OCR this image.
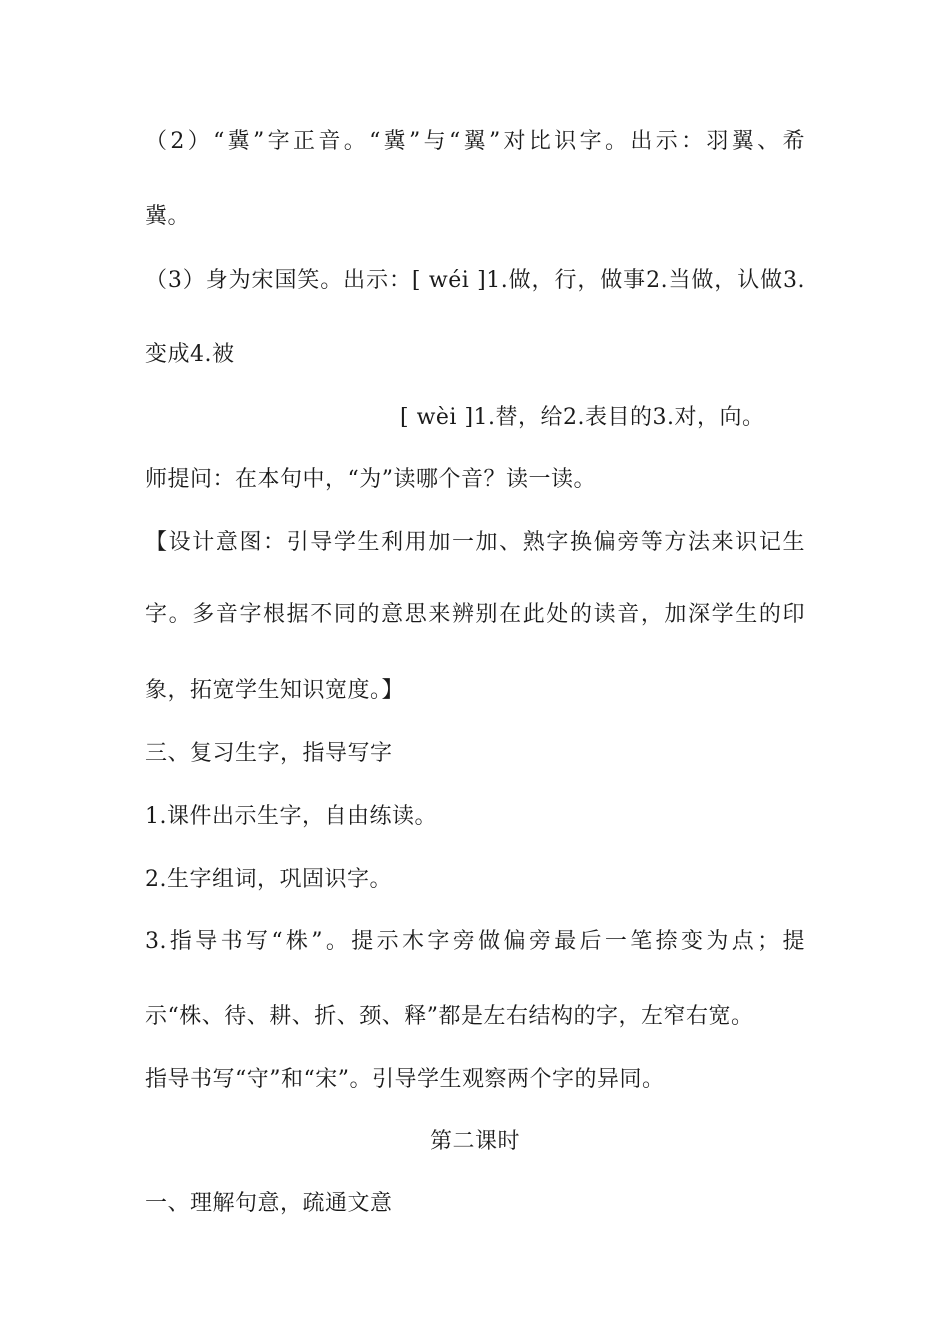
（2）“冀”字正音。“冀”与“翼”对比识字。出示：羽翼、希
冀。
（3）身为宋国笑。出示：[ wéi ]1.做，行，做事2.当做，认做3.
变成4.被
[ wèi ]1.替，给2.表目的3.对，向。
师提问：在本句中，“为”读哪个音？读一读。
【设计意图：引导学生利用加一加、熟字换偏旁等方法来识记生
字。多音字根据不同的意思来辨别在此处的读音，加深学生的印
象，拓宽学生知识宽度。】
三、复习生字，指导写字
1.课件出示生字，自由练读。
2.生字组词，巩固识字。
3.指导书写“株”。提示木字旁做偏旁最后一笔捺变为点；提
示“株、待、耕、折、颈、释”都是左右结构的字，左窄右宽。
指导书写“守”和“宋”。引导学生观察两个字的异同。
第二课时
一、理解句意，疏通文意
